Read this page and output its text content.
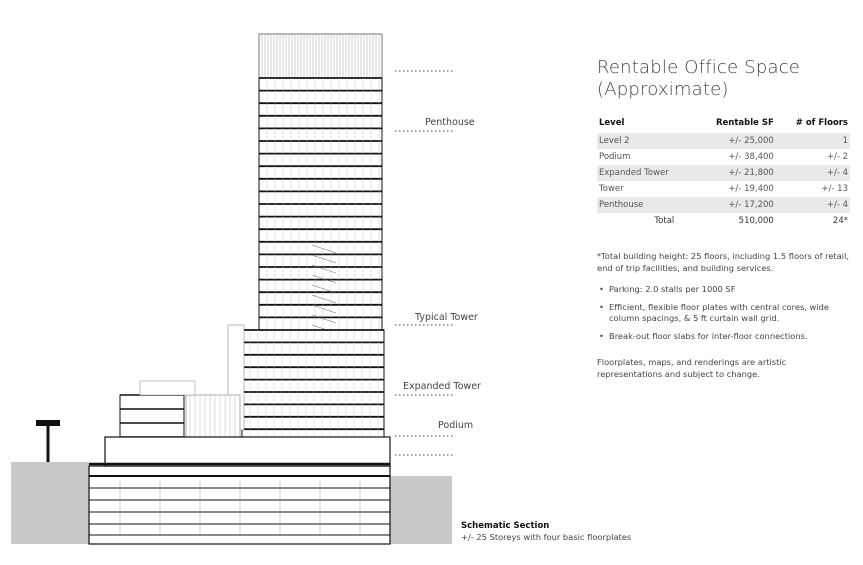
Penthouse
Typical Tower
Expanded Tower
Podium
Rentable Office Space
(Approximate)
Level	Rentable SF	# of Floors
Level 2	+/- 25,000	1
Podium	+/- 38,400	+/- 2
Expanded Tower	+/- 21,800	+/- 4
Tower	+/- 19,400	+/- 13
Penthouse	+/- 17,200	+/- 4
Total	510,000	24*
*Total building height: 25 floors, including 1.5 floors of retail, end of trip facilities, and building services.
• Parking: 2.0 stalls per 1000 SF
• Efficient, flexible floor plates with central cores, wide column spacings, & 5 ft curtain wall grid.
• Break-out floor slabs for inter-floor connections.
Floorplates, maps, and renderings are artistic representations and subject to change.
Schematic Section
+/- 25 Storeys with four basic floorplates
